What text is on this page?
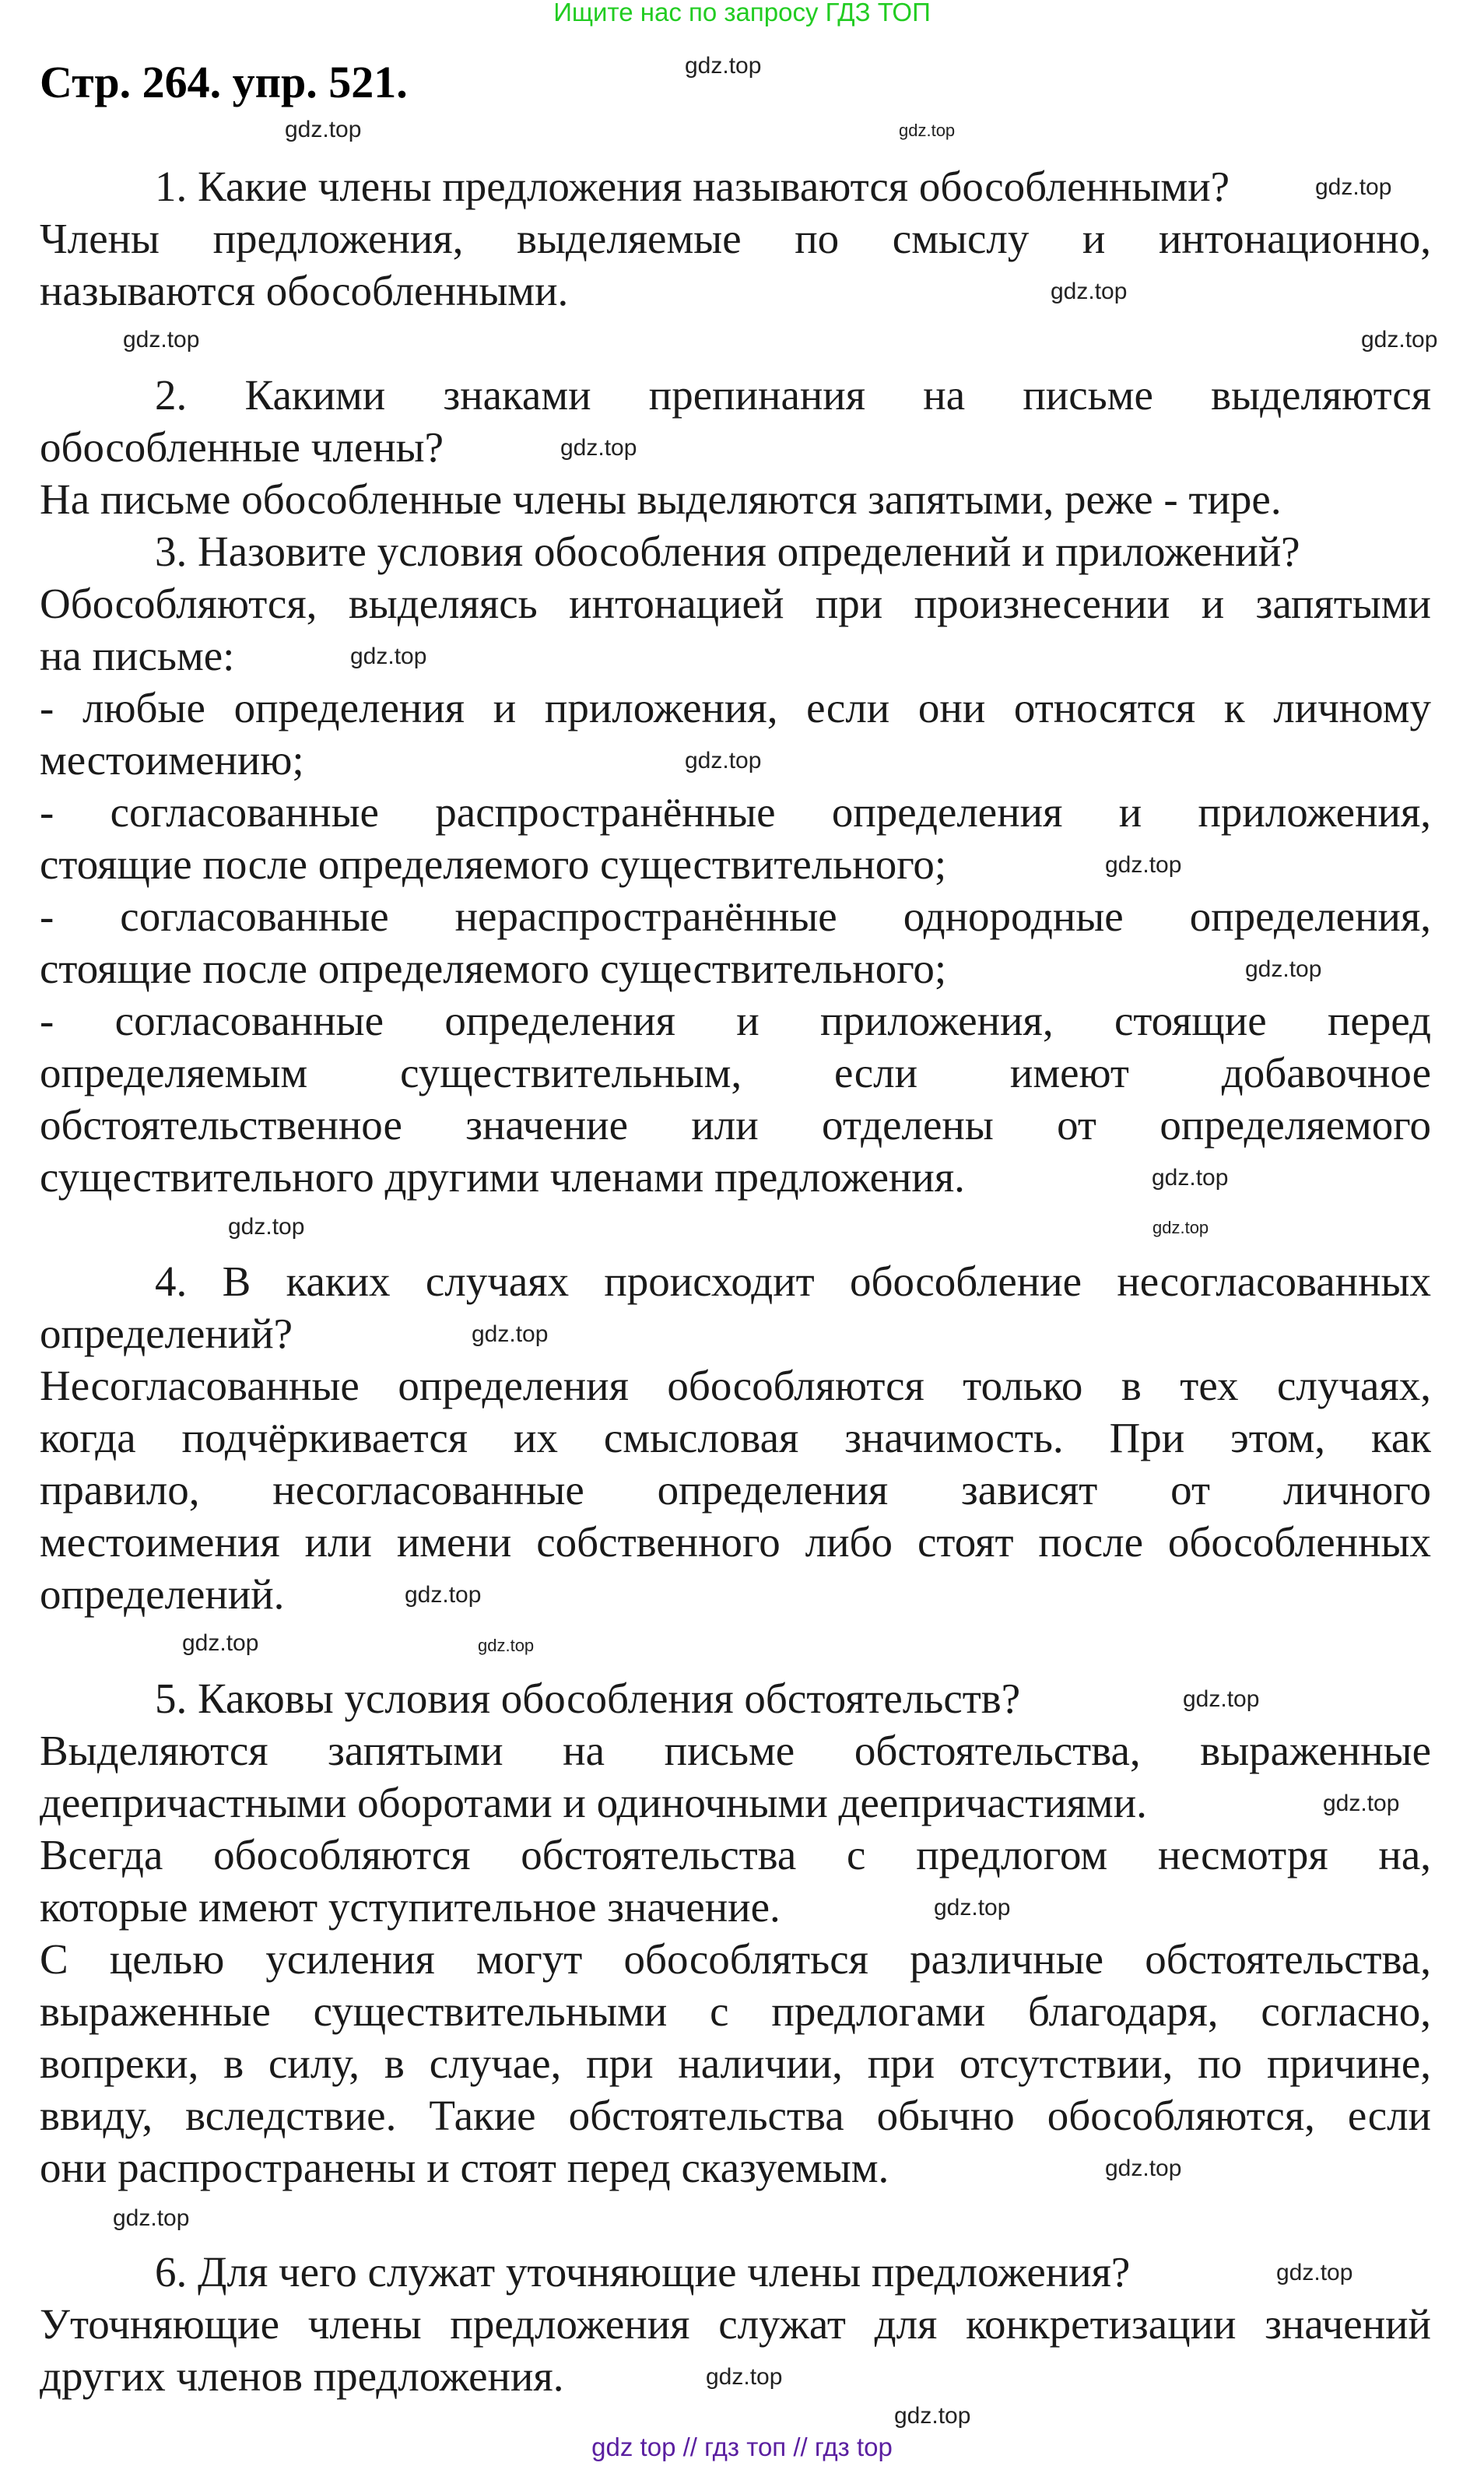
Ищите нас по запросу ГДЗ ТОП
Стр. 264. упр. 521.
1. Какие члены предложения называются обособленными?
Члены предложения, выделяемые по смыслу и интонационно,
называются обособленными.
2. Какими знаками препинания на письме выделяются
обособленные члены?
На письме обособленные члены выделяются запятыми, реже - тире.
3. Назовите условия обособления определений и приложений?
Обособляются, выделяясь интонацией при произнесении и запятыми
на письме:
- любые определения и приложения, если они относятся к личному
местоимению;
- согласованные распространённые определения и приложения,
стоящие после определяемого существительного;
- согласованные нераспространённые однородные определения,
стоящие после определяемого существительного;
- согласованные определения и приложения, стоящие перед
определяемым существительным, если имеют добавочное
обстоятельственное значение или отделены от определяемого
существительного другими членами предложения.
4. В каких случаях происходит обособление несогласованных
определений?
Несогласованные определения обособляются только в тех случаях,
когда подчёркивается их смысловая значимость. При этом, как
правило, несогласованные определения зависят от личного
местоимения или имени собственного либо стоят после обособленных
определений.
5. Каковы условия обособления обстоятельств?
Выделяются запятыми на письме обстоятельства, выраженные
деепричастными оборотами и одиночными деепричастиями.
Всегда обособляются обстоятельства с предлогом несмотря на,
которые имеют уступительное значение.
С целью усиления могут обособляться различные обстоятельства,
выраженные существительными с предлогами благодаря, согласно,
вопреки, в силу, в случае, при наличии, при отсутствии, по причине,
ввиду, вследствие. Такие обстоятельства обычно обособляются, если
они распространены и стоят перед сказуемым.
6. Для чего служат уточняющие члены предложения?
Уточняющие члены предложения служат для конкретизации значений
других членов предложения.
gdz.top
gdz.top	gdz.top
gdz.top
gdz.top
gdz.top
gdz.top
gdz.top
gdz.top
gdz.top
gdz.top
gdz.top
gdz.top
gdz.top
gdz.top
gdz.top
gdz.top
gdz.top
gdz.top
gdz.top
gdz.top
gdz.top
gdz.top
gdz.top
gdz.top
gdz.top
gdz.top
gdz top // гдз топ // гдз top
